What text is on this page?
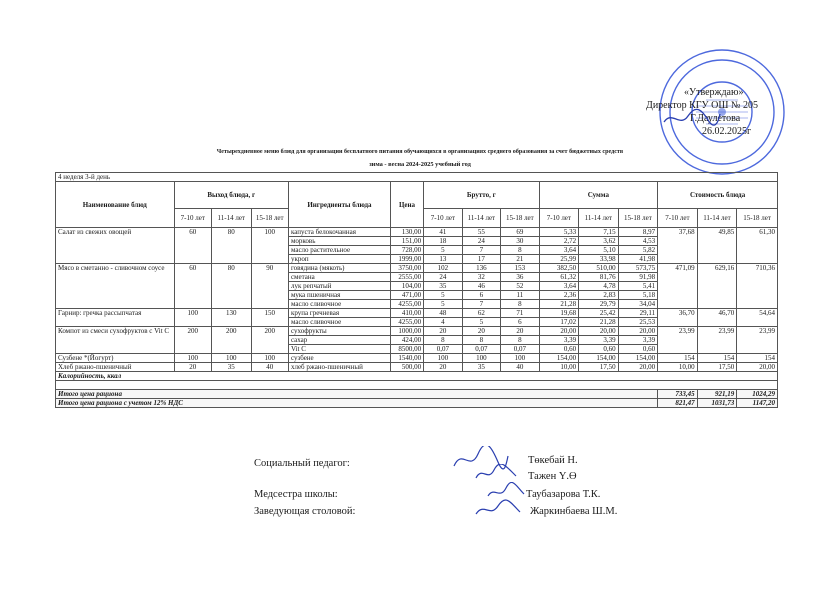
«Утверждаю»
Директор КГУ ОШ № 205
Г.Даулетова
26.02.2025г
Четырехдневное меню блюд для организации бесплатного питания обучающихся в организациях среднего образования за счет бюджетных средств
зима - весна 2024-2025 учебный год
4 неделя 3-й день														
Наименование блюд	Выход блюда, г			Ингредиенты блюда	Цена	Брутто, г			Сумма			Стоимость блюда		
	7-10 лет	11-14 лет	15-18 лет			7-10 лет	11-14 лет	15-18 лет	7-10 лет	11-14 лет	15-18 лет	7-10 лет	11-14 лет	15-18 лет
Салат из свежих овощей	60	80	100	капуста белокочанная	130,00	41	55	69	5,33	7,15	8,97	37,68	49,85	61,30
				морковь	151,00	18	24	30	2,72	3,62	4,53			
				масло растительное	728,00	5	7	8	3,64	5,10	5,82			
				укроп	1999,00	13	17	21	25,99	33,98	41,98			
Мясо в сметанно - сливочном соусе	60	80	90	говядина (мякоть)	3750,00	102	136	153	382,50	510,00	573,75	471,09	629,16	710,36
				сметана	2555,00	24	32	36	61,32	81,76	91,98			
				лук репчатый	104,00	35	46	52	3,64	4,78	5,41			
				мука пшеничная	471,00	5	6	11	2,36	2,83	5,18			
				масло сливочное	4255,00	5	7	8	21,28	29,79	34,04			
Гарнир: гречка рассыпчатая	100	130	150	крупа гречневая	410,00	48	62	71	19,68	25,42	29,11	36,70	46,70	54,64
				масло сливочное	4255,00	4	5	6	17,02	21,28	25,53			
Компот из смеси сухофруктов с Vit С	200	200	200	сухофрукты	1000,00	20	20	20	20,00	20,00	20,00	23,99	23,99	23,99
				сахар	424,00	8	8	8	3,39	3,39	3,39			
				Vit C	8500,00	0,07	0,07	0,07	0,60	0,60	0,60			
Сузбене *(Йогурт)	100	100	100	сузбене	1540,00	100	100	100	154,00	154,00	154,00	154	154	154
Хлеб ржано-пшеничный	20	35	40	хлеб ржано-пшеничный	500,00	20	35	40	10,00	17,50	20,00	10,00	17,50	20,00
Калорийность, ккал														

Итого цена рациона												733,45	921,19	1024,29
Итого цена рациона с учетом 12% НДС												821,47	1031,73	1147,20
Социальный педагог:	Төкебай Н.
Тажен Ү.Ө
Медсестра школы:	Таубазарова Т.К.
Заведующая столовой:	Жаркинбаева Ш.М.
